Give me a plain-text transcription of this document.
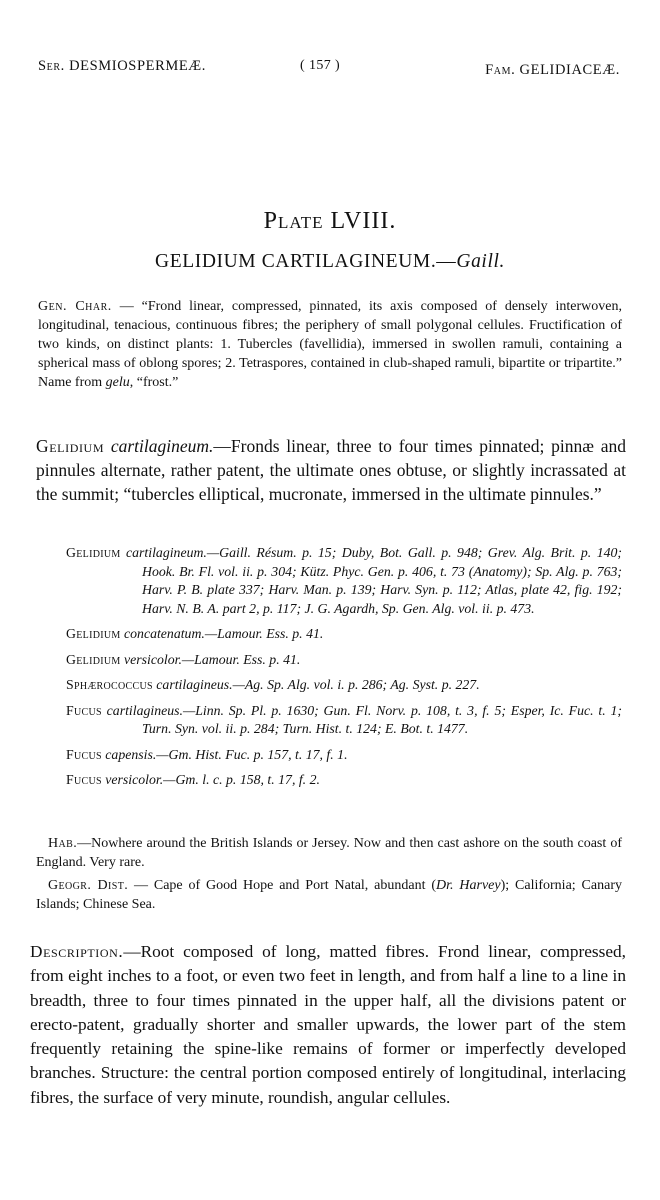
Ser. DESMIOSPERMEÆ.	( 157 )	Fam. GELIDIACEÆ.
Plate LVIII.
GELIDIUM CARTILAGINEUM.—Gaill.

Gen. Char. — “Frond linear, compressed, pinnated, its axis composed of densely interwoven, longitudinal, tenacious, continuous fibres; the periphery of small polygonal cellules. Fructification of two kinds, on distinct plants: 1. Tubercles (favellidia), immersed in swollen ramuli, containing a spherical mass of oblong spores; 2. Tetraspores, contained in club-shaped ramuli, bipartite or tripartite.” Name from gelu, “frost.”

Gelidium cartilagineum.—Fronds linear, three to four times pinnated; pinnæ and pinnules alternate, rather patent, the ultimate ones obtuse, or slightly incrassated at the summit; “tubercles elliptical, mucronate, immersed in the ultimate pinnules.”
Gelidium cartilagineum.—Gaill. Résum. p. 15; Duby, Bot. Gall. p. 948; Grev. Alg. Brit. p. 140; Hook. Br. Fl. vol. ii. p. 304; Kütz. Phyc. Gen. p. 406, t. 73 (Anatomy); Sp. Alg. p. 763; Harv. P. B. plate 337; Harv. Man. p. 139; Harv. Syn. p. 112; Atlas, plate 42, fig. 192; Harv. N. B. A. part 2, p. 117; J. G. Agardh, Sp. Gen. Alg. vol. ii. p. 473.
Gelidium concatenatum.—Lamour. Ess. p. 41.
Gelidium versicolor.—Lamour. Ess. p. 41.
Sphærococcus cartilagineus.—Ag. Sp. Alg. vol. i. p. 286; Ag. Syst. p. 227.
Fucus cartilagineus.—Linn. Sp. Pl. p. 1630; Gun. Fl. Norv. p. 108, t. 3, f. 5; Esper, Ic. Fuc. t. 1; Turn. Syn. vol. ii. p. 284; Turn. Hist. t. 124; E. Bot. t. 1477.
Fucus capensis.—Gm. Hist. Fuc. p. 157, t. 17, f. 1.
Fucus versicolor.—Gm. l. c. p. 158, t. 17, f. 2.

Hab.—Nowhere around the British Islands or Jersey. Now and then cast ashore on the south coast of England. Very rare.

Geogr. Dist. — Cape of Good Hope and Port Natal, abundant (Dr. Harvey); California; Canary Islands; Chinese Sea.

Description.—Root composed of long, matted fibres. Frond linear, compressed, from eight inches to a foot, or even two feet in length, and from half a line to a line in breadth, three to four times pinnated in the upper half, all the divisions patent or erecto-patent, gradually shorter and smaller upwards, the lower part of the stem frequently retaining the spine-like remains of former or imperfectly developed branches. Structure: the central portion composed entirely of longitudinal, interlacing fibres, the surface of very minute, roundish, angular cellules.
